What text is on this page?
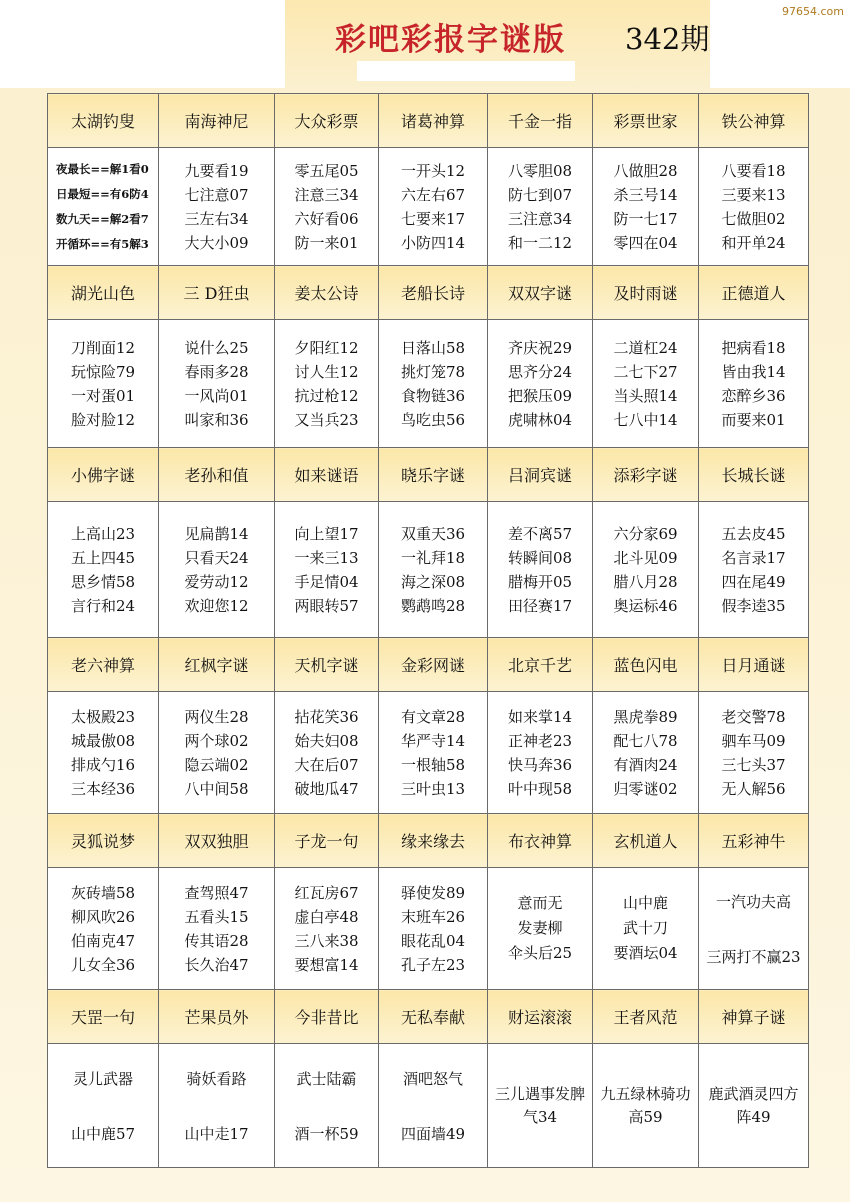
彩吧彩报字谜版 342期
97654.com
太湖钓叟	南海神尼	大众彩票	诸葛神算	千金一指	彩票世家	铁公神算

夜最长==解1看0
日最短==有6防4
数九天==解2看7
开循环==有5解3	九要看19
七注意07
三左右34
大大小09	零五尾05
注意三34
六好看06
防一来01	一开头12
六左右67
七要来17
小防四14	八零胆08
防七到07
三注意34
和一二12	八做胆28
杀三号14
防一七17
零四在04	八要看18
三要来13
七做胆02
和开单24

湖光山色	三 D狂虫	姜太公诗	老船长诗	双双字谜	及时雨谜	正德道人

刀削面12
玩惊险79
一对蛋01
脸对脸12	说什么25
春雨多28
一风尚01
叫家和36	夕阳红12
讨人生12
抗过枪12
又当兵23	日落山58
挑灯笼78
食物链36
鸟吃虫56	齐庆祝29
思齐分24
把猴压09
虎啸林04	二道杠24
二七下27
当头照14
七八中14	把病看18
皆由我14
恋醉乡36
而要来01

小佛字谜	老孙和值	如来谜语	晓乐字谜	吕洞宾谜	添彩字谜	长城长谜

上高山23
五上四45
思乡情58
言行和24	见扁鹊14
只看天24
爱劳动12
欢迎您12	向上望17
一来三13
手足情04
两眼转57	双重天36
一礼拜18
海之深08
鹦鹉鸣28	差不离57
转瞬间08
腊梅开05
田径赛17	六分家69
北斗见09
腊八月28
奥运标46	五去皮45
名言录17
四在尾49
假李逵35

老六神算	红枫字谜	天机字谜	金彩网谜	北京千艺	蓝色闪电	日月通谜

太极殿23
城最傲08
排成勺16
三本经36	两仪生28
两个球02
隐云端02
八中间58	拈花笑36
始夫妇08
大在后07
破地瓜47	有文章28
华严寺14
一根轴58
三叶虫13	如来掌14
正神老23
快马奔36
叶中现58	黑虎拳89
配七八78
有酒肉24
归零谜02	老交警78
驷车马09
三七头37
无人解56

灵狐说梦	双双独胆	子龙一句	缘来缘去	布衣神算	玄机道人	五彩神牛

灰砖墙58
柳风吹26
伯南克47
儿女全36	查驾照47
五看头15
传其语28
长久治47	红瓦房67
虚白亭48
三八来38
要想富14	驿使发89
末班车26
眼花乱04
孔子左23	意而无
发妻柳
伞头后25	山中鹿
武十刀
要酒坛04	一汽功夫高
三两打不赢23

天罡一句	芒果员外	今非昔比	无私奉献	财运滚滚	王者风范	神算子谜

灵儿武器
山中鹿57	骑妖看路
山中走17	武士陆霸
酒一杯59	酒吧怒气
四面墙49	三儿遇事发脾气34	九五绿林骑功高59	鹿武酒灵四方阵49
